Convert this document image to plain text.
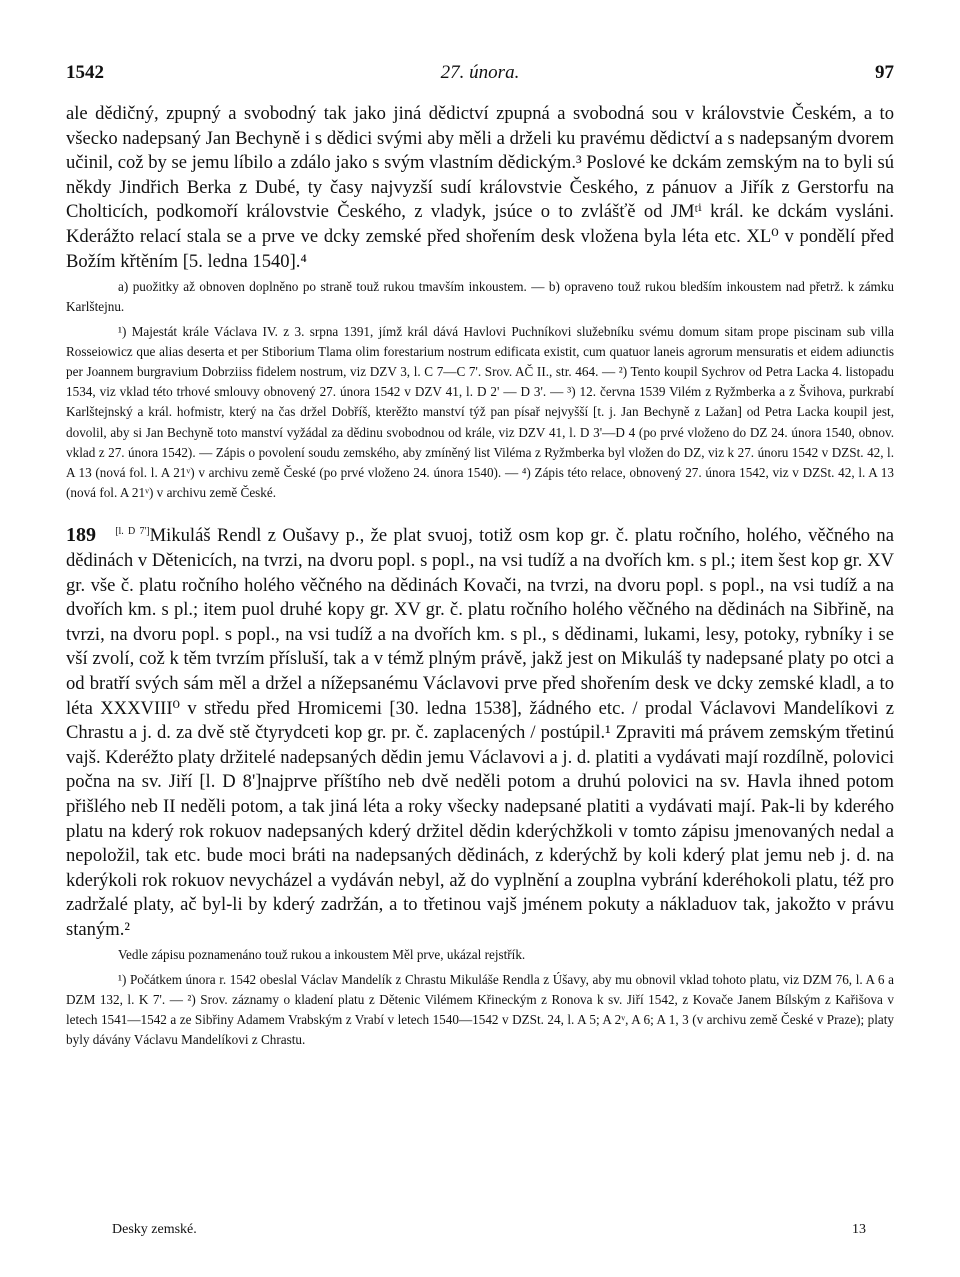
1542	27. února.	97

ale dědičný, zpupný a svobodný tak jako jiná dědictví zpupná a svobodná sou v královstvie Českém, a to všecko nadepsaný Jan Bechyně i s dědici svými aby měli a drželi ku pravému dědictví a s nadepsaným dvorem učinil, což by se jemu líbilo a zdálo jako s svým vlastním dědickým.³ Poslové ke dckám zemským na to byli sú někdy Jindřich Berka z Dubé, ty časy najvyzší sudí královstvie Českého, z pánuov a Jiřík z Gerstorfu na Cholticích, podkomoří královstvie Českého, z vladyk, jsúce o to zvlášťě od JMᵗⁱ král. ke dckám vysláni. Kderážto relací stala se a prve ve dcky zemské před shořením desk vložena byla léta etc. XL⁰ v pondělí před Božím křtěním [5. ledna 1540].⁴

a) puožitky až obnoven doplněno po straně touž rukou tmavším inkoustem. — b) opraveno touž rukou bledším inkoustem nad přetrž. k zámku Karlštejnu.

¹) Majestát krále Václava IV. z 3. srpna 1391, jímž král dává Havlovi Puchníkovi služebníku svému domum sitam prope piscinam sub villa Rosseiowicz que alias deserta et per Stiborium Tlama olim forestarium nostrum edificata existit, cum quatuor laneis agrorum mensuratis et eidem adiunctis per Joannem burgravium Dobrziiss fidelem nostrum, viz DZV 3, l. C 7—C 7'. Srov. AČ II., str. 464. — ²) Tento koupil Sychrov od Petra Lacka 4. listopadu 1534, viz vklad této trhové smlouvy obnovený 27. února 1542 v DZV 41, l. D 2' — D 3'. — ³) 12. června 1539 Vilém z Ryžmberka a z Švihova, purkrabí Karlštejnský a král. hofmistr, který na čas držel Dobříš, kterěžto manství týž pan písař nejvyšší [t. j. Jan Bechyně z Lažan] od Petra Lacka koupil jest, dovolil, aby si Jan Bechyně toto manství vyžádal za dědinu svobodnou od krále, viz DZV 41, l. D 3'—D 4 (po prvé vloženo do DZ 24. února 1540, obnov. vklad z 27. února 1542). — Zápis o povolení soudu zemského, aby zmíněný list Viléma z Ryžmberka byl vložen do DZ, viz k 27. únoru 1542 v DZSt. 42, l. A 13 (nová fol. l. A 21ᵛ) v archivu země České (po prvé vloženo 24. února 1540). — ⁴) Zápis této relace, obnovený 27. února 1542, viz v DZSt. 42, l. A 13 (nová fol. A 21ᵛ) v archivu země České.

189 [l. D 7']Mikuláš Rendl z Oušavy p., že plat svuoj, totiž osm kop gr. č. platu ročního, holého, věčného na dědinách v Dětenicích, na tvrzi, na dvoru popl. s popl., na vsi tudíž a na dvořích km. s pl.; item šest kop gr. XV gr. vše č. platu ročního holého věčného na dědinách Kovači, na tvrzi, na dvoru popl. s popl., na vsi tudíž a na dvořích km. s pl.; item puol druhé kopy gr. XV gr. č. platu ročního holého věčného na dědinách na Sibřině, na tvrzi, na dvoru popl. s popl., na vsi tudíž a na dvořích km. s pl., s dědinami, lukami, lesy, potoky, rybníky i se vší zvolí, což k těm tvrzím přísluší, tak a v témž plným právě, jakž jest on Mikuláš ty nadepsané platy po otci a od bratří svých sám měl a držel a nížepsanému Václavovi prve před shořením desk ve dcky zemské kladl, a to léta XXXVIII⁰ v středu před Hromicemi [30. ledna 1538], žádného etc. / prodal Václavovi Mandelíkovi z Chrastu a j. d. za dvě stě čtyrydceti kop gr. pr. č. zaplacených / postúpil.¹ Zpraviti má právem zemským třetinú vajš. Kderéžto platy držitelé nadepsaných dědin jemu Václavovi a j. d. platiti a vydávati mají rozdílně, polovici počna na sv. Jiří [l. D 8']najprve příštího neb dvě neděli potom a druhú polovici na sv. Havla ihned potom přišlého neb II neděli potom, a tak jiná léta a roky všecky nadepsané platiti a vydávati mají. Pak-li by kderého platu na kderý rok rokuov nadepsaných kderý držitel dědin kderýchžkoli v tomto zápisu jmenovaných nedal a nepoložil, tak etc. bude moci bráti na nadepsaných dědinách, z kderýchž by koli kderý plat jemu neb j. d. na kderýkoli rok rokuov nevycházel a vydáván nebyl, až do vyplnění a zouplna vybrání kderéhokoli platu, též pro zadržalé platy, ač byl-li by kderý zadržán, a to třetinou vajš jménem pokuty a nákladuov tak, jakožto v právu staným.²

Vedle zápisu poznamenáno touž rukou a inkoustem Měl prve, ukázal rejstřík.

¹) Počátkem února r. 1542 obeslal Václav Mandelík z Chrastu Mikuláše Rendla z Úšavy, aby mu obnovil vklad tohoto platu, viz DZM 76, l. A 6 a DZM 132, l. K 7'. — ²) Srov. záznamy o kladení platu z Dětenic Vilémem Křineckým z Ronova k sv. Jiří 1542, z Kovače Janem Bílským z Kařišova v letech 1541—1542 a ze Sibřiny Adamem Vrabským z Vrabí v letech 1540—1542 v DZSt. 24, l. A 5; A 2ᵛ, A 6; A 1, 3 (v archivu země České v Praze); platy byly dávány Václavu Mandelíkovi z Chrastu.

Desky zemské.	13
